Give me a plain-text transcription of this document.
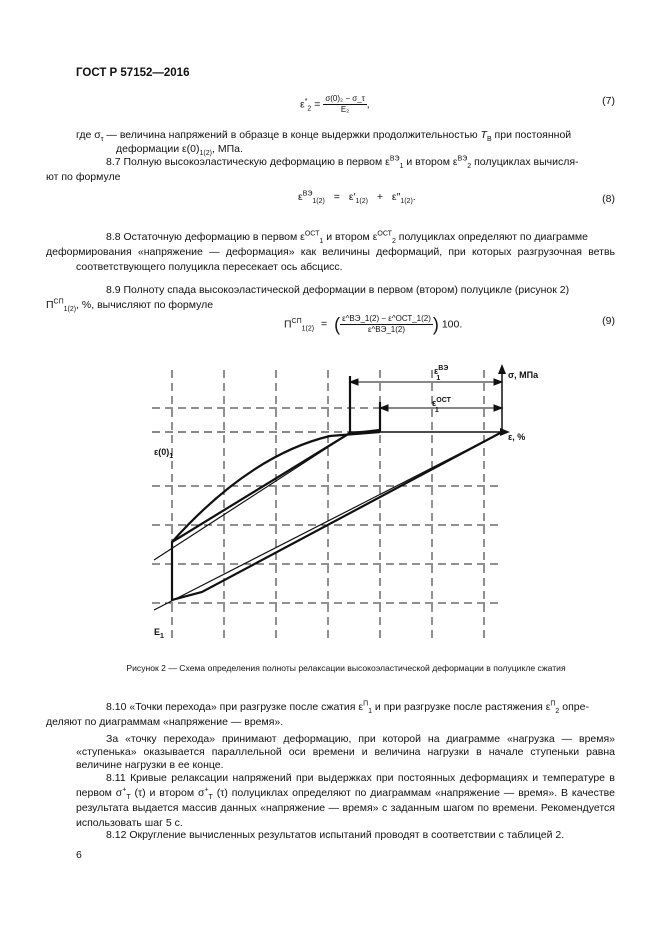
ГОСТ Р 57152—2016
$\varepsilon^*_2 = \frac{\text{σ(0)₂ − σ\_τ}}{\text{E₂}}$ ,	(7)
где $\sigma_\tau$ — величина напряжений в образце в конце выдержки продолжительностью $T_В$ при постоянной
деформации $\varepsilon(0)_{1(2)}$, МПа.
8.7 Полную высокоэластическую деформацию в первом $\varepsilon^{ВЭ}_1$ и втором $\varepsilon^{ВЭ}_2$ полуциклах вычисля-
ют по формуле
$\varepsilon^{ВЭ}_{1(2)} = \varepsilon'_{1(2)} + \varepsilon''_{1(2)}$.	(8)
8.8 Остаточную деформацию в первом $\varepsilon^{ОСТ}_1$ и втором $\varepsilon^{ОСТ}_2$ полуциклах определяют по диаграмме
деформирования «напряжение — деформация» как величины деформаций, при которых разгрузочная ветвь соответствующего полуцикла пересекает ось абсцисс.
8.9 Полноту спада высокоэластической деформации в первом (втором) полуцикле (рисунок 2)
$П^{СП}_{1(2)}$, %, вычисляют по формуле
$П^{СП}_{1(2)}$ = ( $\frac{\text{ε\textasciicircum{}ВЭ\_1(2) − ε\textasciicircum{}ОСТ\_1(2)}}{\varepsilon\^{}ВЭ\_1(2)}$ ) 100.	(9)
σ, МПа
ε, %
$\varepsilon(0)_1$
$E_1$
$\varepsilon^{ВЭ}$ 1
$\varepsilon^{ОСТ}$ 1
Рисунок 2 — Схема определения полноты релаксации высокоэластической деформации в полуцикле сжатия
8.10 «Точки перехода» при разгрузке после сжатия $\varepsilon^П_1$ и при разгрузке после растяжения $\varepsilon^П_2$ опре-
деляют по диаграммам «напряжение — время».
За «точку перехода» принимают деформацию, при которой на диаграмме «нагрузка — время» «ступенька» оказывается параллельной оси времени и величина нагрузки в начале ступеньки равна величине нагрузки в ее конце.
8.11 Кривые релаксации напряжений при выдержках при постоянных деформациях и температуре в первом $\sigma^+_T$ (τ) и втором $\sigma^+_T$ (τ) полуциклах определяют по диаграммам «напряжение — время». В качестве результата выдается массив данных «напряжение — время» с заданным шагом по времени. Рекомендуется использовать шаг 5 с.
8.12 Округление вычисленных результатов испытаний проводят в соответствии с таблицей 2.
6
